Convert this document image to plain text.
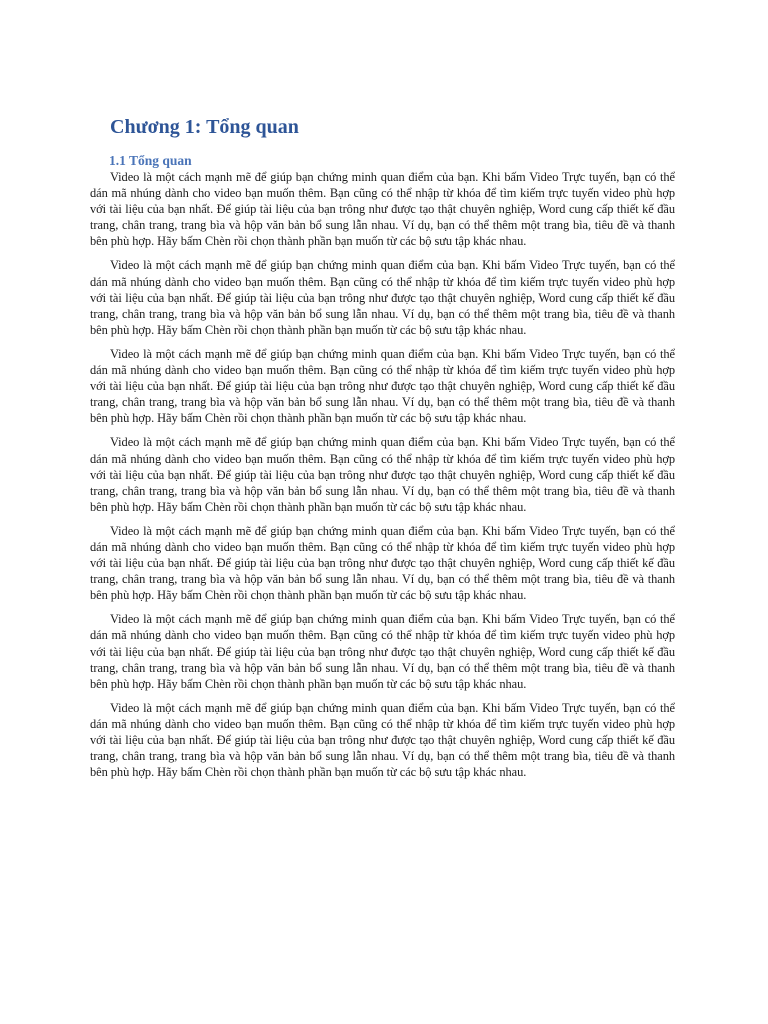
Chương 1: Tổng quan
1.1 Tổng quan

Video là một cách mạnh mẽ để giúp bạn chứng minh quan điểm của bạn. Khi bấm Video Trực tuyến, bạn có thể dán mã nhúng dành cho video bạn muốn thêm. Bạn cũng có thể nhập từ khóa để tìm kiếm trực tuyến video phù hợp với tài liệu của bạn nhất. Để giúp tài liệu của bạn trông như được tạo thật chuyên nghiệp, Word cung cấp thiết kế đầu trang, chân trang, trang bìa và hộp văn bản bổ sung lẫn nhau. Ví dụ, bạn có thể thêm một trang bìa, tiêu đề và thanh bên phù hợp. Hãy bấm Chèn rồi chọn thành phần bạn muốn từ các bộ sưu tập khác nhau.

Video là một cách mạnh mẽ để giúp bạn chứng minh quan điểm của bạn. Khi bấm Video Trực tuyến, bạn có thể dán mã nhúng dành cho video bạn muốn thêm. Bạn cũng có thể nhập từ khóa để tìm kiếm trực tuyến video phù hợp với tài liệu của bạn nhất. Để giúp tài liệu của bạn trông như được tạo thật chuyên nghiệp, Word cung cấp thiết kế đầu trang, chân trang, trang bìa và hộp văn bản bổ sung lẫn nhau. Ví dụ, bạn có thể thêm một trang bìa, tiêu đề và thanh bên phù hợp. Hãy bấm Chèn rồi chọn thành phần bạn muốn từ các bộ sưu tập khác nhau.

Video là một cách mạnh mẽ để giúp bạn chứng minh quan điểm của bạn. Khi bấm Video Trực tuyến, bạn có thể dán mã nhúng dành cho video bạn muốn thêm. Bạn cũng có thể nhập từ khóa để tìm kiếm trực tuyến video phù hợp với tài liệu của bạn nhất. Để giúp tài liệu của bạn trông như được tạo thật chuyên nghiệp, Word cung cấp thiết kế đầu trang, chân trang, trang bìa và hộp văn bản bổ sung lẫn nhau. Ví dụ, bạn có thể thêm một trang bìa, tiêu đề và thanh bên phù hợp. Hãy bấm Chèn rồi chọn thành phần bạn muốn từ các bộ sưu tập khác nhau.

Video là một cách mạnh mẽ để giúp bạn chứng minh quan điểm của bạn. Khi bấm Video Trực tuyến, bạn có thể dán mã nhúng dành cho video bạn muốn thêm. Bạn cũng có thể nhập từ khóa để tìm kiếm trực tuyến video phù hợp với tài liệu của bạn nhất. Để giúp tài liệu của bạn trông như được tạo thật chuyên nghiệp, Word cung cấp thiết kế đầu trang, chân trang, trang bìa và hộp văn bản bổ sung lẫn nhau. Ví dụ, bạn có thể thêm một trang bìa, tiêu đề và thanh bên phù hợp. Hãy bấm Chèn rồi chọn thành phần bạn muốn từ các bộ sưu tập khác nhau.

Video là một cách mạnh mẽ để giúp bạn chứng minh quan điểm của bạn. Khi bấm Video Trực tuyến, bạn có thể dán mã nhúng dành cho video bạn muốn thêm. Bạn cũng có thể nhập từ khóa để tìm kiếm trực tuyến video phù hợp với tài liệu của bạn nhất. Để giúp tài liệu của bạn trông như được tạo thật chuyên nghiệp, Word cung cấp thiết kế đầu trang, chân trang, trang bìa và hộp văn bản bổ sung lẫn nhau. Ví dụ, bạn có thể thêm một trang bìa, tiêu đề và thanh bên phù hợp. Hãy bấm Chèn rồi chọn thành phần bạn muốn từ các bộ sưu tập khác nhau.

Video là một cách mạnh mẽ để giúp bạn chứng minh quan điểm của bạn. Khi bấm Video Trực tuyến, bạn có thể dán mã nhúng dành cho video bạn muốn thêm. Bạn cũng có thể nhập từ khóa để tìm kiếm trực tuyến video phù hợp với tài liệu của bạn nhất. Để giúp tài liệu của bạn trông như được tạo thật chuyên nghiệp, Word cung cấp thiết kế đầu trang, chân trang, trang bìa và hộp văn bản bổ sung lẫn nhau. Ví dụ, bạn có thể thêm một trang bìa, tiêu đề và thanh bên phù hợp. Hãy bấm Chèn rồi chọn thành phần bạn muốn từ các bộ sưu tập khác nhau.

Video là một cách mạnh mẽ để giúp bạn chứng minh quan điểm của bạn. Khi bấm Video Trực tuyến, bạn có thể dán mã nhúng dành cho video bạn muốn thêm. Bạn cũng có thể nhập từ khóa để tìm kiếm trực tuyến video phù hợp với tài liệu của bạn nhất. Để giúp tài liệu của bạn trông như được tạo thật chuyên nghiệp, Word cung cấp thiết kế đầu trang, chân trang, trang bìa và hộp văn bản bổ sung lẫn nhau. Ví dụ, bạn có thể thêm một trang bìa, tiêu đề và thanh bên phù hợp. Hãy bấm Chèn rồi chọn thành phần bạn muốn từ các bộ sưu tập khác nhau.
